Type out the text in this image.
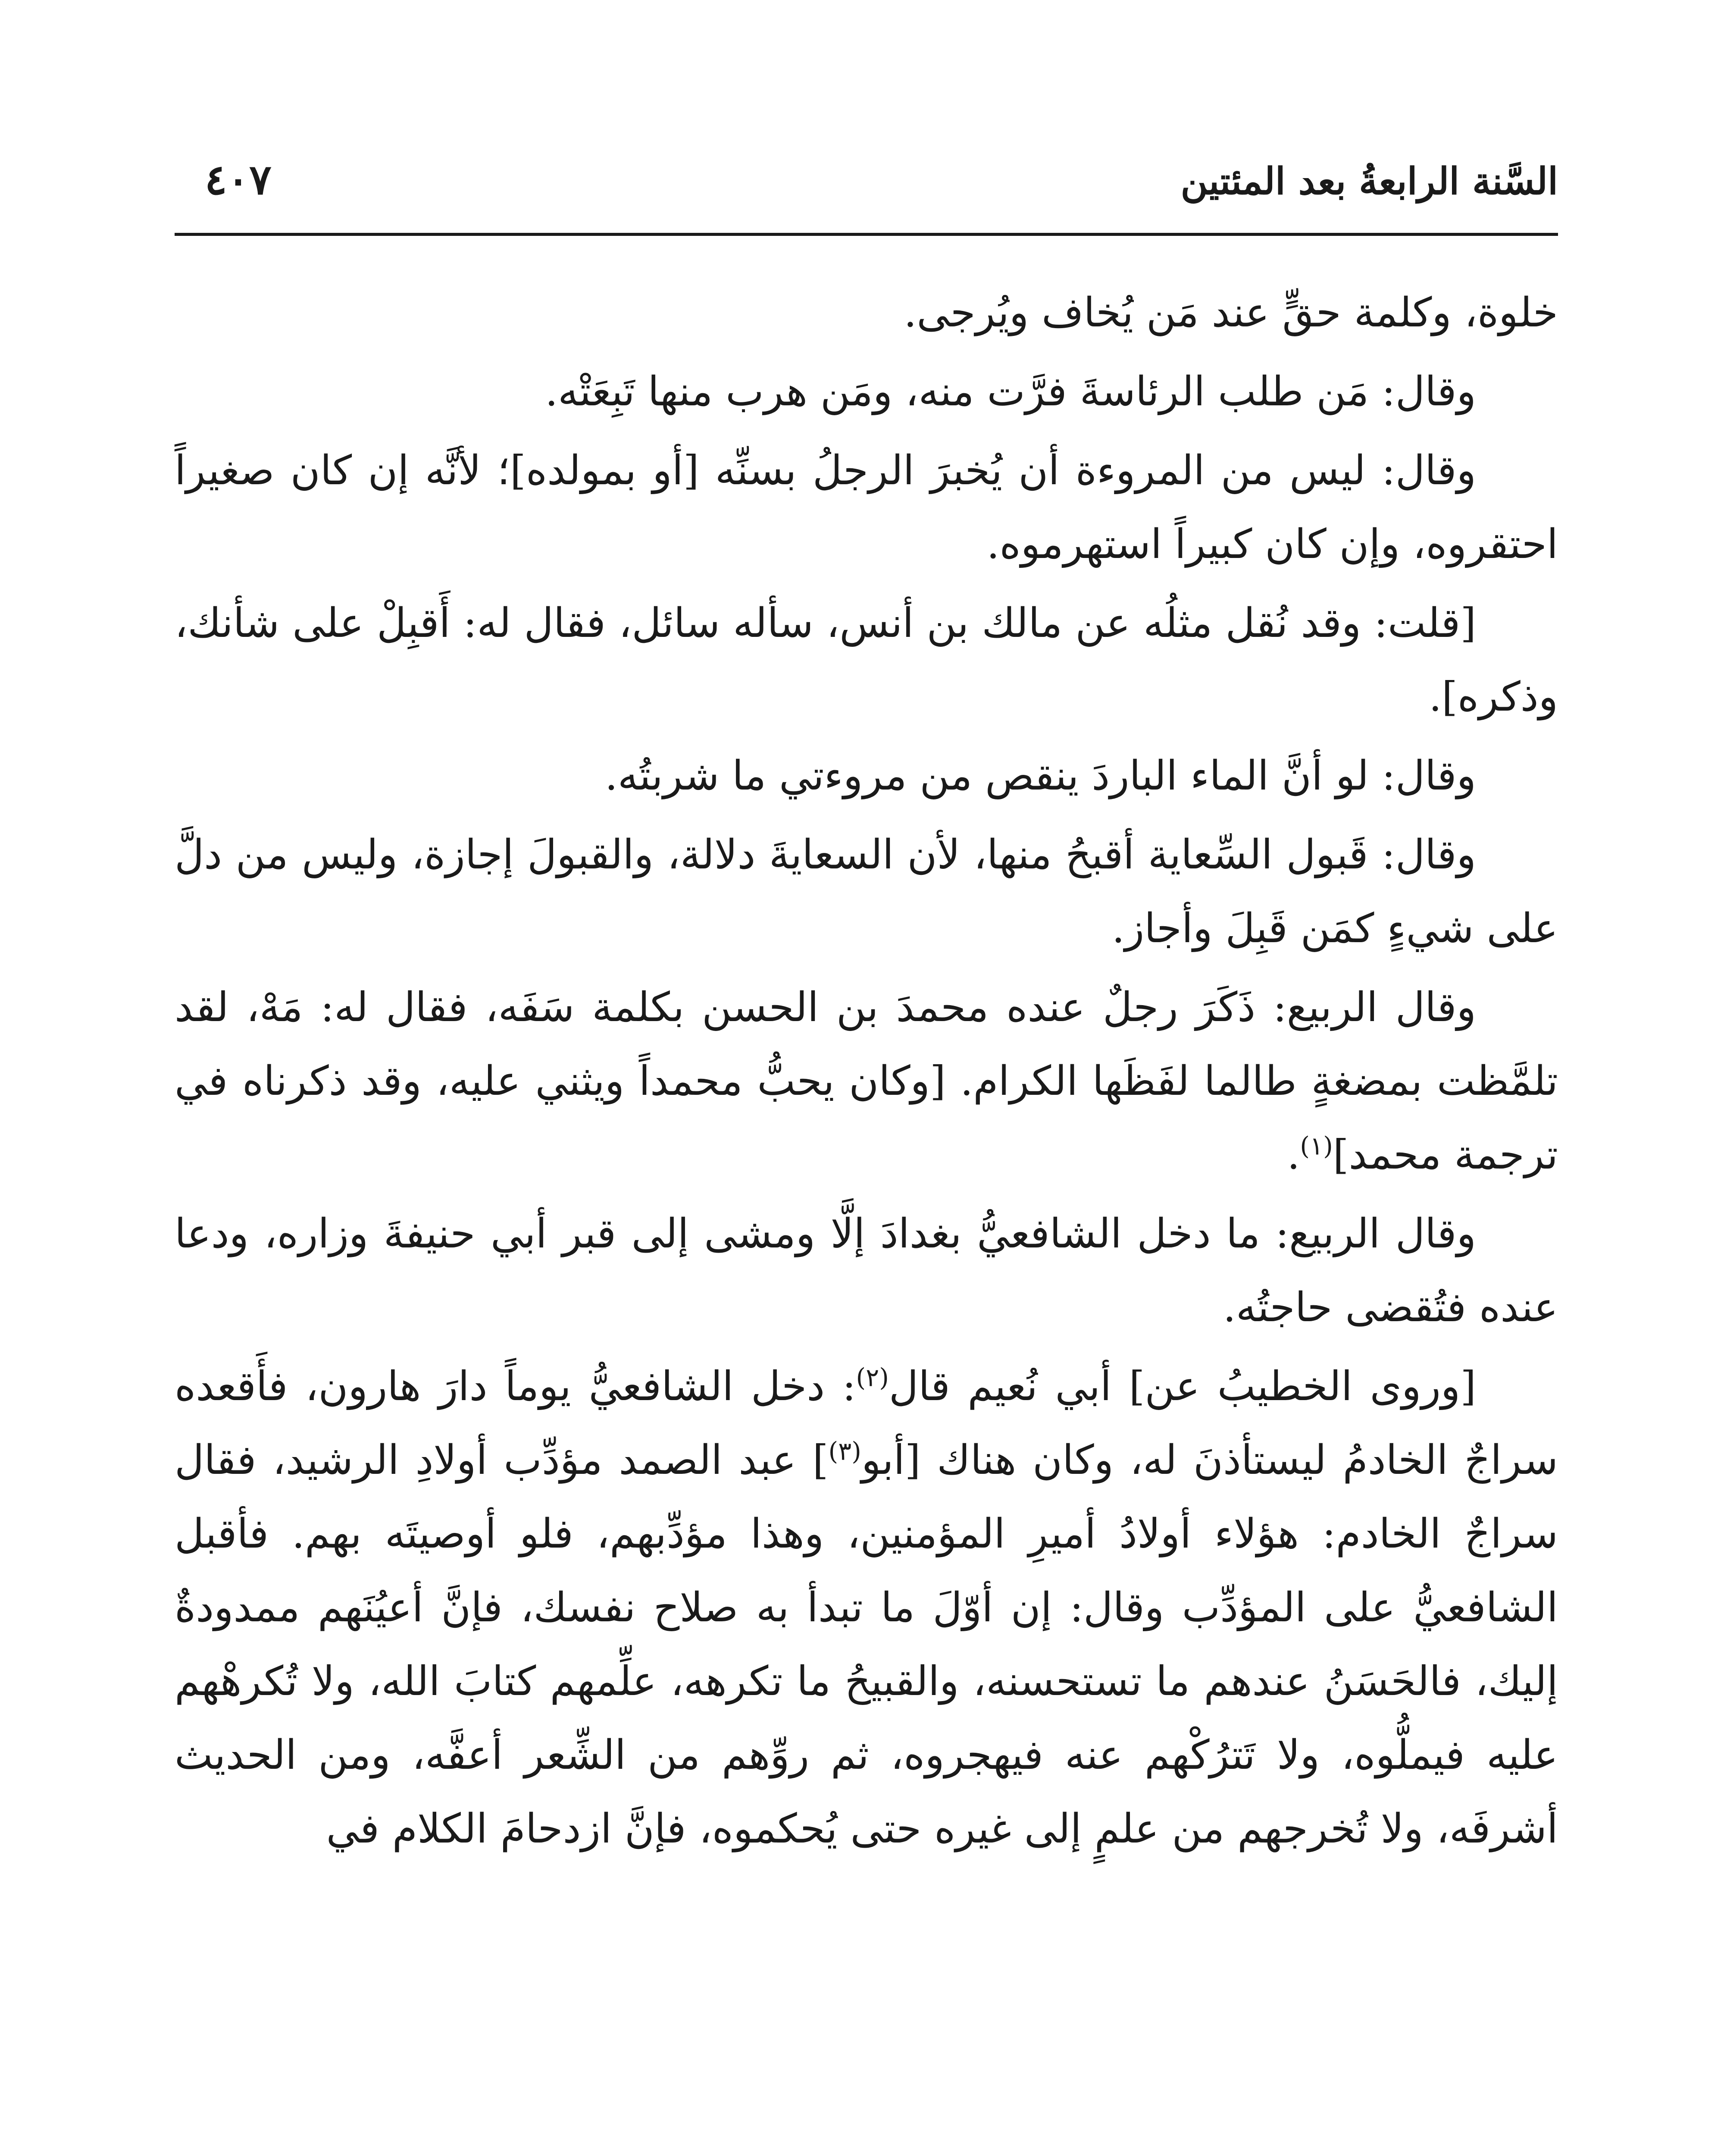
السَّنة الرابعةُ بعد المئتين
٤٠٧

خلوة، وكلمة حقٍّ عند مَن يُخاف ويُرجى.

وقال: مَن طلب الرئاسةَ فرَّت منه، ومَن هرب منها تَبِعَتْه.

وقال: ليس من المروءة أن يُخبرَ الرجلُ بسنِّه [أو بمولده]؛ لأنَّه إن كان صغيراً احتقروه، وإن كان كبيراً استهرموه.

[قلت: وقد نُقل مثلُه عن مالك بن أنس، سأله سائل، فقال له: أَقبِلْ على شأنك، وذكره].

وقال: لو أنَّ الماء الباردَ ينقص من مروءتي ما شربتُه.

وقال: قَبول السِّعاية أقبحُ منها، لأن السعايةَ دلالة، والقبولَ إجازة، وليس من دلَّ على شيءٍ كمَن قَبِلَ وأجاز.

وقال الربيع: ذَكَرَ رجلٌ عنده محمدَ بن الحسن بكلمة سَفَه، فقال له: مَهْ، لقد تلمَّظت بمضغةٍ طالما لفَظَها الكرام. [وكان يحبُّ محمداً ويثني عليه، وقد ذكرناه في ترجمة محمد]$^{(١)}$.

وقال الربيع: ما دخل الشافعيُّ بغدادَ إلَّا ومشى إلى قبر أبي حنيفةَ وزاره، ودعا عنده فتُقضى حاجتُه.

[وروى الخطيبُ عن] أبي نُعيم قال$^{(٢)}$: دخل الشافعيُّ يوماً دارَ هارون، فأَقعده سراجٌ الخادمُ ليستأذنَ له، وكان هناك [أبو$^{(٣)}$] عبد الصمد مؤدِّب أولادِ الرشيد، فقال سراجٌ الخادم: هؤلاء أولادُ أميرِ المؤمنين، وهذا مؤدِّبهم، فلو أوصيتَه بهم. فأقبل الشافعيُّ على المؤدِّب وقال: إن أوّلَ ما تبدأ به صلاح نفسك، فإنَّ أعيُنَهم ممدودةٌ إليك، فالحَسَنُ عندهم ما تستحسنه، والقبيحُ ما تكرهه، علِّمهم كتابَ الله، ولا تُكرهْهم عليه فيملُّوه، ولا تَترُكْهم عنه فيهجروه، ثم روِّهم من الشِّعر أعفَّه، ومن الحديث أشرفَه، ولا تُخرجهم من علمٍ إلى غيره حتى يُحكموه، فإنَّ ازدحامَ الكلام في
